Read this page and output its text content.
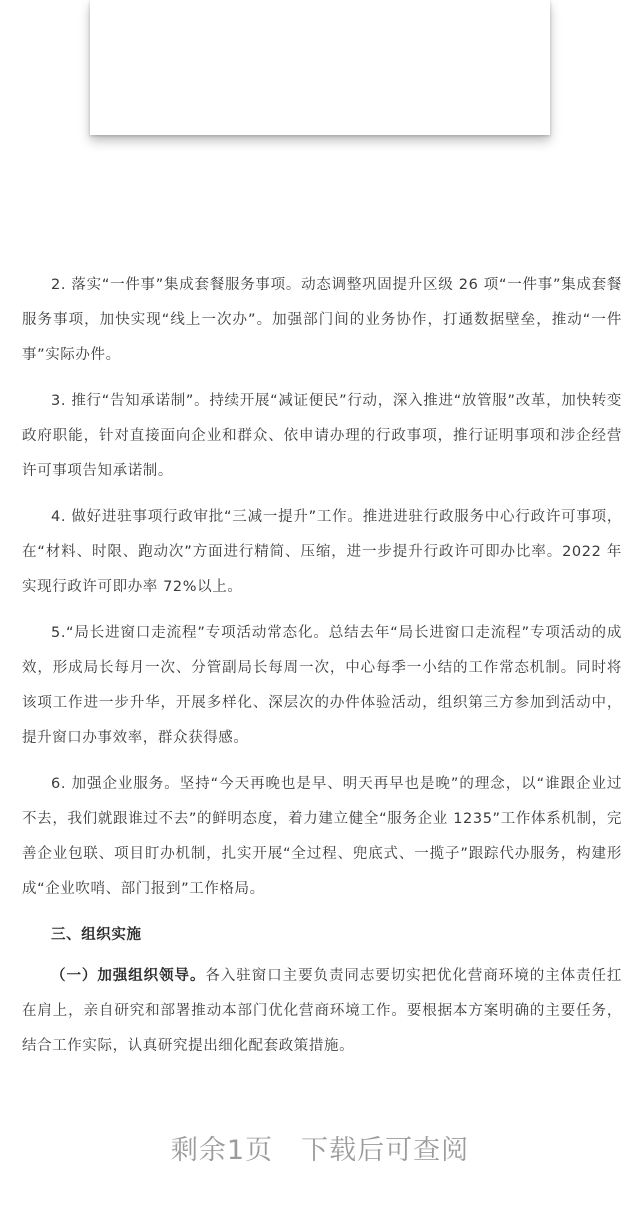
2. 落实“一件事”集成套餐服务事项。动态调整巩固提升区级 26 项“一件事”集成套餐服务事项，加快实现“线上一次办”。加强部门间的业务协作，打通数据壁垒，推动“一件事”实际办件。

3. 推行“告知承诺制”。持续开展“减证便民”行动，深入推进“放管服”改革，加快转变政府职能，针对直接面向企业和群众、依申请办理的行政事项，推行证明事项和涉企经营许可事项告知承诺制。

4. 做好进驻事项行政审批“三减一提升”工作。推进进驻行政服务中心行政许可事项，在“材料、时限、跑动次”方面进行精简、压缩，进一步提升行政许可即办比率。2022 年实现行政许可即办率 72%以上。

5.“局长进窗口走流程”专项活动常态化。总结去年“局长进窗口走流程”专项活动的成效，形成局长每月一次、分管副局长每周一次，中心每季一小结的工作常态机制。同时将该项工作进一步升华，开展多样化、深层次的办件体验活动，组织第三方参加到活动中，提升窗口办事效率，群众获得感。

6. 加强企业服务。坚持“今天再晚也是早、明天再早也是晚”的理念，以“谁跟企业过不去，我们就跟谁过不去”的鲜明态度，着力建立健全“服务企业 1235”工作体系机制，完善企业包联、项目盯办机制，扎实开展“全过程、兜底式、一揽子”跟踪代办服务，构建形成“企业吹哨、部门报到”工作格局。

三、组织实施

（一）加强组织领导。各入驻窗口主要负责同志要切实把优化营商环境的主体责任扛在肩上，亲自研究和部署推动本部门优化营商环境工作。要根据本方案明确的主要任务，结合工作实际，认真研究提出细化配套政策措施。

剩余1页 下载后可查阅
